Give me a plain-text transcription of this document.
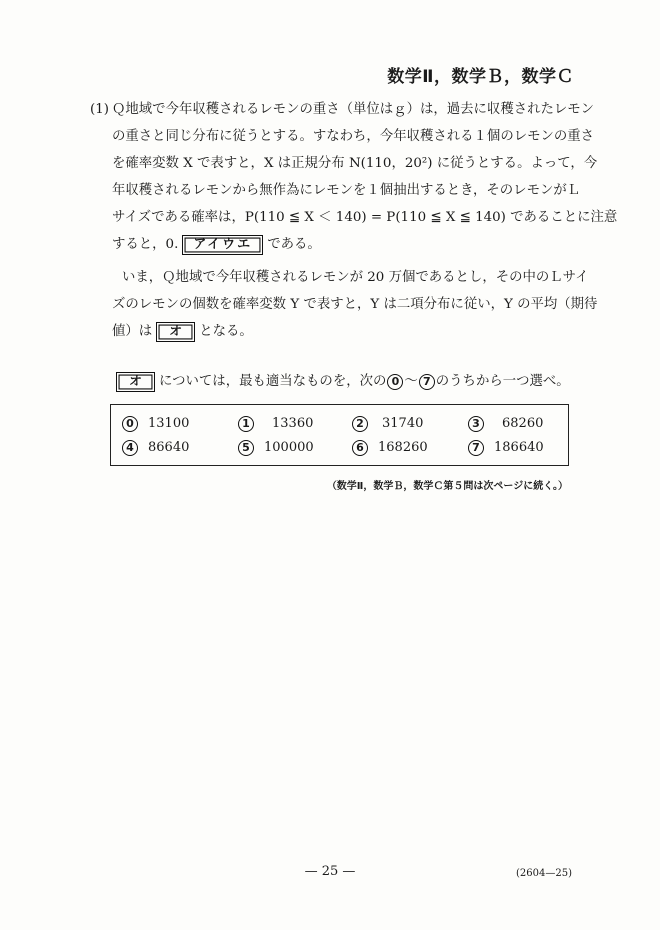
数学Ⅱ，数学Ｂ，数学Ｃ
(1) Ｑ地域で今年収穫されるレモンの重さ（単位はｇ）は，過去に収穫されたレモン
の重さと同じ分布に従うとする。すなわち，今年収穫される１個のレモンの重さ
を確率変数 X で表すと，X は正規分布 N(110，20²) に従うとする。よって，今
年収穫されるレモンから無作為にレモンを１個抽出するとき，そのレモンがＬ
サイズである確率は，P(110 ≦ X ＜ 140) = P(110 ≦ X ≦ 140) であることに注意
すると，0. アイウエ である。
いま，Ｑ地域で今年収穫されるレモンが 20 万個であるとし，その中のＬサイ
ズのレモンの個数を確率変数 Y で表すと，Y は二項分布に従い，Y の平均（期待
値）は オ となる。
オ については，最も適当なものを，次の 0 ～ 7 のうちから一つ選べ。
0 13100	1 13360	2 31740	3 68260
4 86640	5 100000	6 168260	7 186640
（数学Ⅱ，数学Ｂ，数学Ｃ第５問は次ページに続く。）
— 25 —	(2604—25)
